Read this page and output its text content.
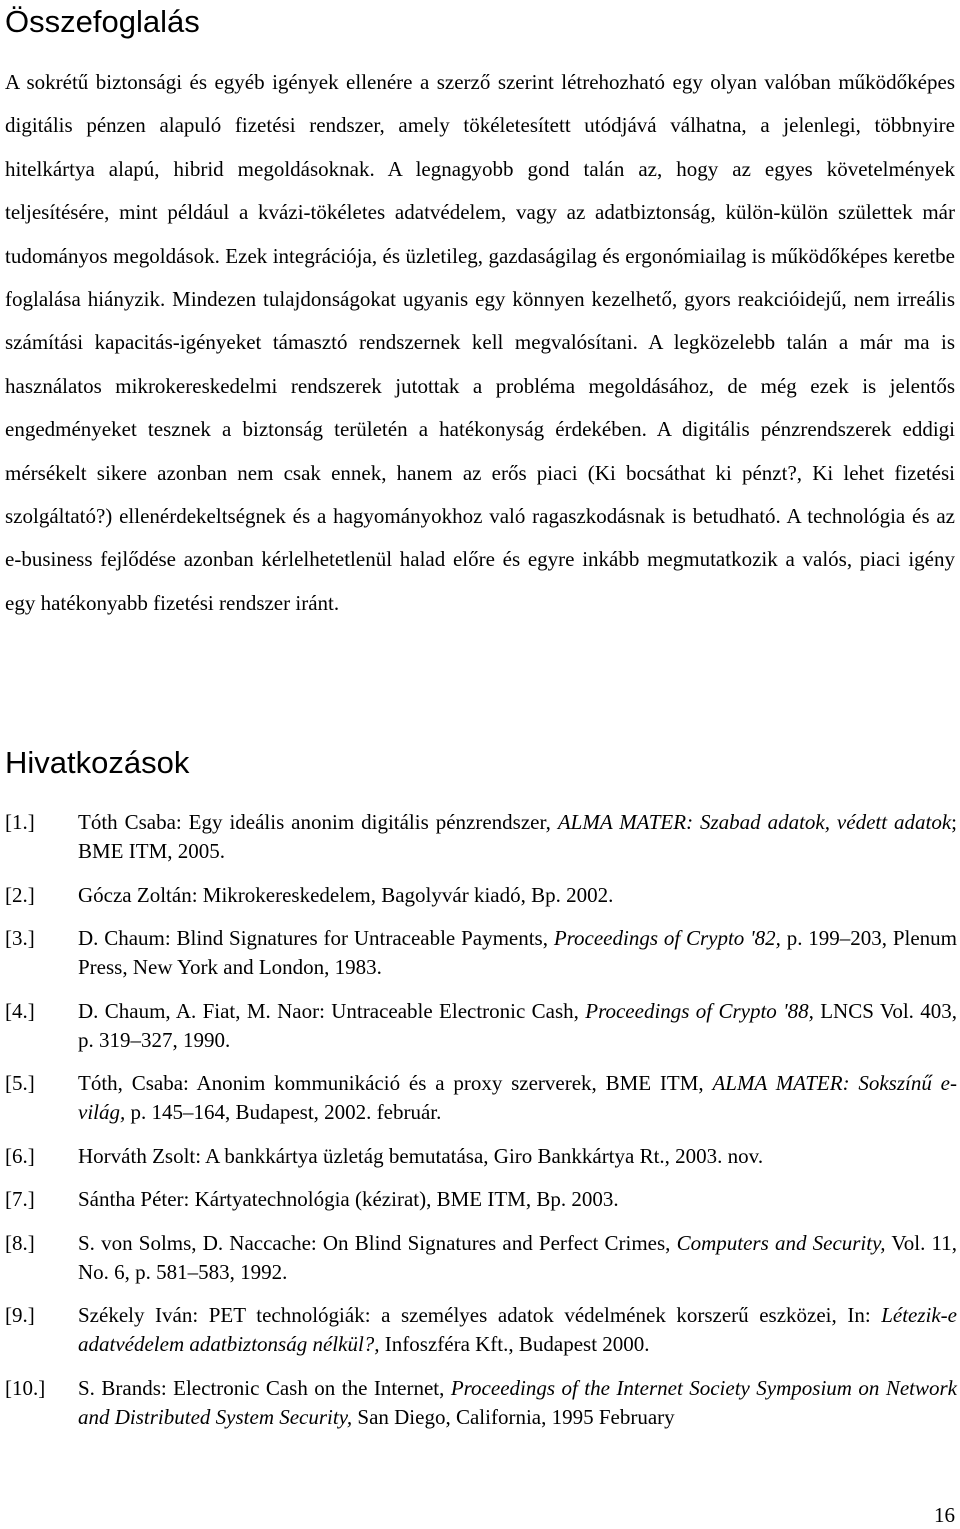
Összefoglalás

A sokrétű biztonsági és egyéb igények ellenére a szerző szerint létrehozható egy olyan valóban működőképes digitális pénzen alapuló fizetési rendszer, amely tökéletesített utódjává válhatna, a jelenlegi, többnyire hitelkártya alapú, hibrid megoldásoknak. A legnagyobb gond talán az, hogy az egyes követelmények teljesítésére, mint például a kvázi-tökéletes adatvédelem, vagy az adatbiztonság, külön-külön születtek már tudományos megoldások. Ezek integrációja, és üzletileg, gazdaságilag és ergonómiailag is működőképes keretbe foglalása hiányzik. Mindezen tulajdonságokat ugyanis egy könnyen kezelhető, gyors reakcióidejű, nem irreális számítási kapacitás-igényeket támasztó rendszernek kell megvalósítani. A legközelebb talán a már ma is használatos mikrokereskedelmi rendszerek jutottak a probléma megoldásához, de még ezek is jelentős engedményeket tesznek a biztonság területén a hatékonyság érdekében. A digitális pénzrendszerek eddigi mérsékelt sikere azonban nem csak ennek, hanem az erős piaci (Ki bocsáthat ki pénzt?, Ki lehet fizetési szolgáltató?) ellenérdekeltségnek és a hagyományokhoz való ragaszkodásnak is betudható. A technológia és az e-business fejlődése azonban kérlelhetetlenül halad előre és egyre inkább megmutatkozik a valós, piaci igény egy hatékonyabb fizetési rendszer iránt.

Hivatkozások
[1.]	Tóth Csaba: Egy ideális anonim digitális pénzrendszer, ALMA MATER: Szabad adatok, védett adatok; BME ITM, 2005.
[2.]	Gócza Zoltán: Mikrokereskedelem, Bagolyvár kiadó, Bp. 2002.
[3.]	D. Chaum: Blind Signatures for Untraceable Payments, Proceedings of Crypto '82, p. 199–203, Plenum Press, New York and London, 1983.
[4.]	D. Chaum, A. Fiat, M. Naor: Untraceable Electronic Cash, Proceedings of Crypto '88, LNCS Vol. 403, p. 319–327, 1990.
[5.]	Tóth, Csaba: Anonim kommunikáció és a proxy szerverek, BME ITM, ALMA MATER: Sokszínű e-világ, p. 145–164, Budapest, 2002. február.
[6.]	Horváth Zsolt: A bankkártya üzletág bemutatása, Giro Bankkártya Rt., 2003. nov.
[7.]	Sántha Péter: Kártyatechnológia (kézirat), BME ITM, Bp. 2003.
[8.]	S. von Solms, D. Naccache: On Blind Signatures and Perfect Crimes, Computers and Security, Vol. 11, No. 6, p. 581–583, 1992.
[9.]	Székely Iván: PET technológiák: a személyes adatok védelmének korszerű eszközei, In: Létezik-e adatvédelem adatbiztonság nélkül?, Infoszféra Kft., Budapest 2000.
[10.]	S. Brands: Electronic Cash on the Internet, Proceedings of the Internet Society Symposium on Network and Distributed System Security, San Diego, California, 1995 February
16
